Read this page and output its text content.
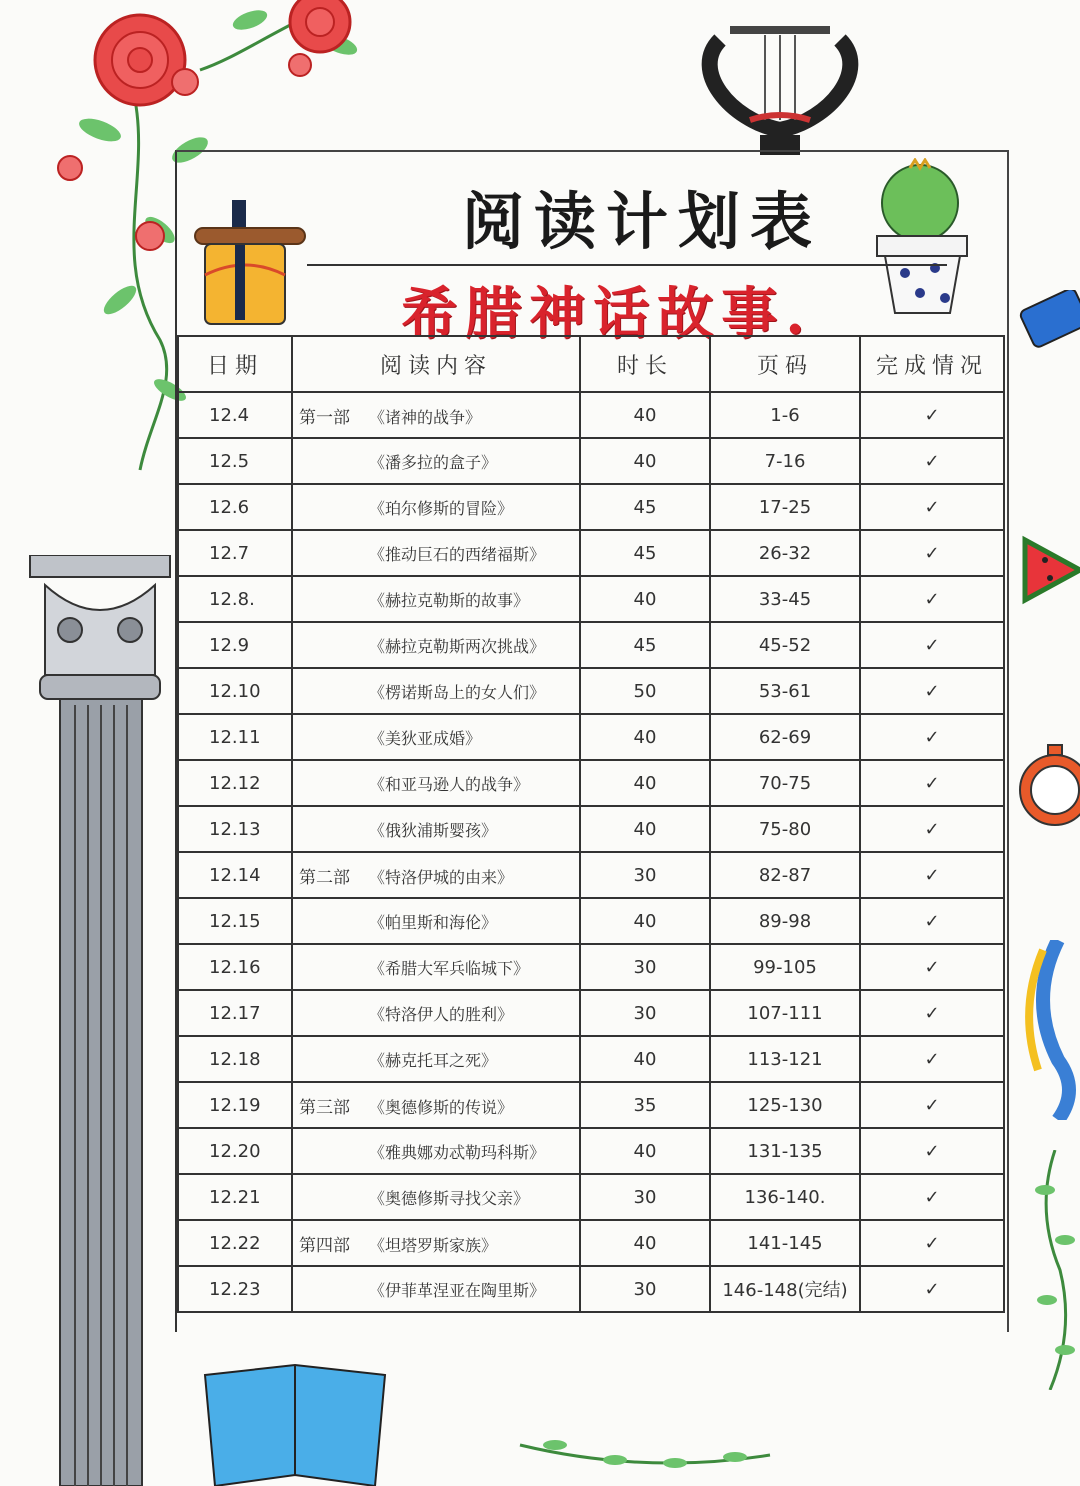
阅读计划表
希腊神话故事.
日期	阅读内容	时长	页码	完成情况
12.4	第一部 《诸神的战争》	40	1-6	✓
12.5	《潘多拉的盒子》	40	7-16	✓
12.6	《珀尔修斯的冒险》	45	17-25	✓
12.7	《推动巨石的西绪福斯》	45	26-32	✓
12.8.	《赫拉克勒斯的故事》	40	33-45	✓
12.9	《赫拉克勒斯两次挑战》	45	45-52	✓
12.10	《楞诺斯岛上的女人们》	50	53-61	✓
12.11	《美狄亚成婚》	40	62-69	✓
12.12	《和亚马逊人的战争》	40	70-75	✓
12.13	《俄狄浦斯婴孩》	40	75-80	✓
12.14	第二部 《特洛伊城的由来》	30	82-87	✓
12.15	《帕里斯和海伦》	40	89-98	✓
12.16	《希腊大军兵临城下》	30	99-105	✓
12.17	《特洛伊人的胜利》	30	107-111	✓
12.18	《赫克托耳之死》	40	113-121	✓
12.19	第三部 《奥德修斯的传说》	35	125-130	✓
12.20	《雅典娜劝忒勒玛科斯》	40	131-135	✓
12.21	《奥德修斯寻找父亲》	30	136-140.	✓
12.22	第四部 《坦塔罗斯家族》	40	141-145	✓
12.23	《伊菲革涅亚在陶里斯》	30	146-148(完结)	✓
